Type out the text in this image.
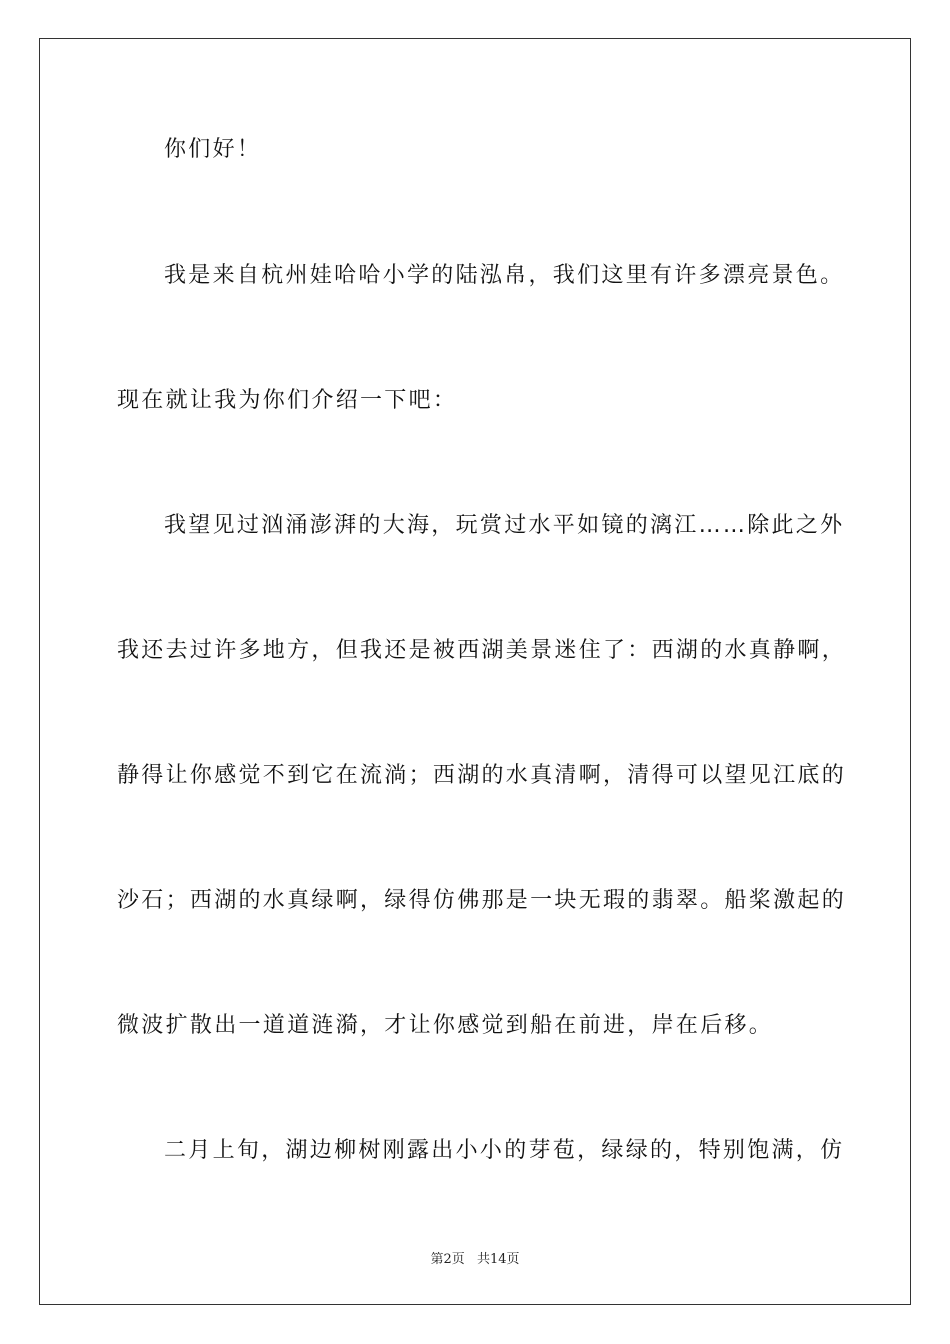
你们好！
我是来自杭州娃哈哈小学的陆泓帛，我们这里有许多漂亮景色。
现在就让我为你们介绍一下吧：
我望见过汹涌澎湃的大海，玩赏过水平如镜的漓江……除此之外
我还去过许多地方，但我还是被西湖美景迷住了：西湖的水真静啊，
静得让你感觉不到它在流淌；西湖的水真清啊，清得可以望见江底的
沙石；西湖的水真绿啊，绿得仿佛那是一块无瑕的翡翠。船桨激起的
微波扩散出一道道涟漪，才让你感觉到船在前进，岸在后移。
二月上旬，湖边柳树刚露出小小的芽苞，绿绿的，特别饱满，仿
第2页 共14页
